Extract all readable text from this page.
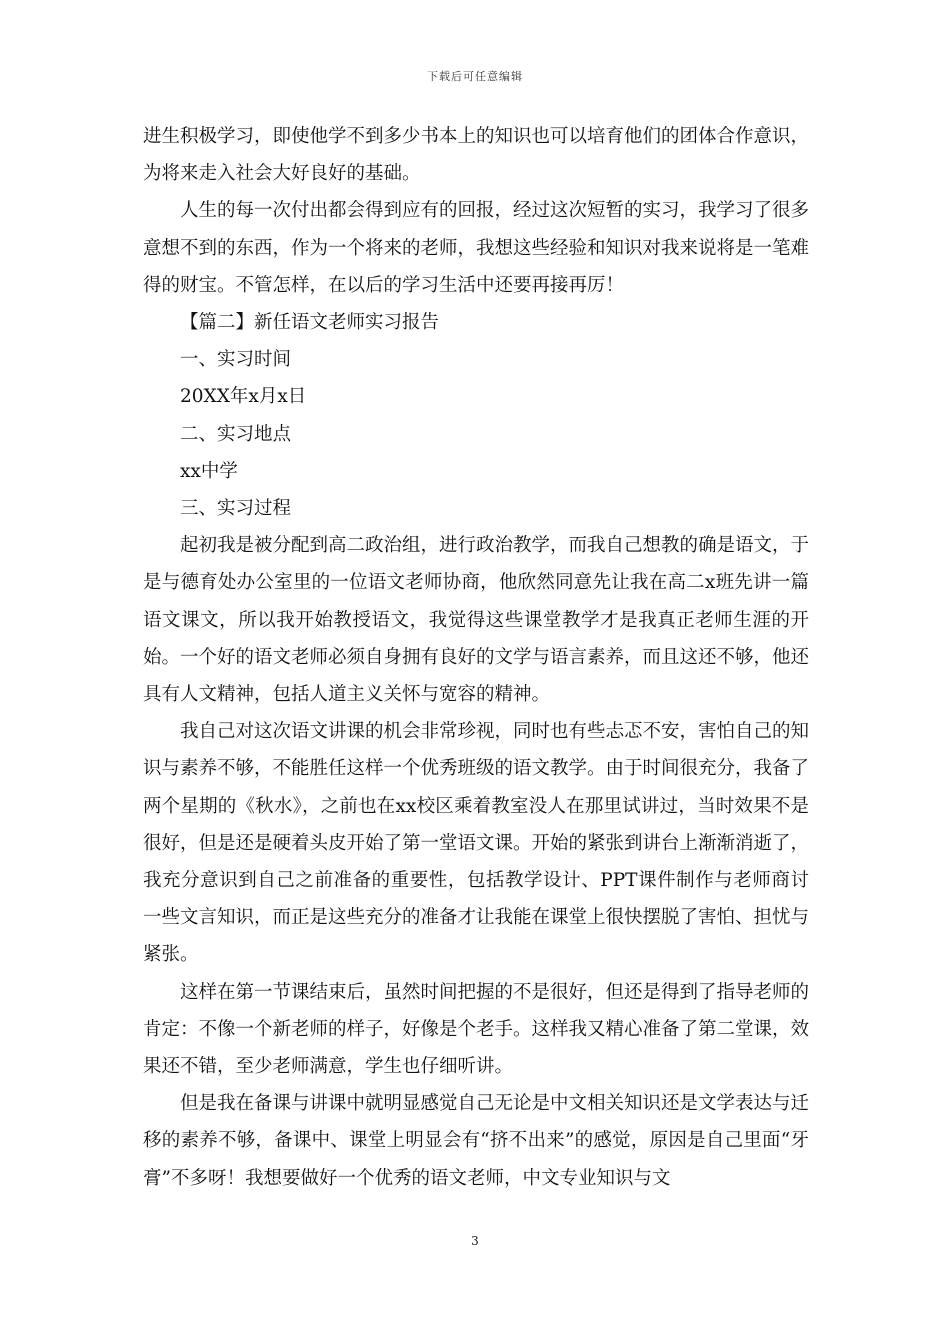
下载后可任意编辑

进生积极学习，即使他学不到多少书本上的知识也可以培育他们的团体合作意识，为将来走入社会大好良好的基础。

人生的每一次付出都会得到应有的回报，经过这次短暂的实习，我学习了很多意想不到的东西，作为一个将来的老师，我想这些经验和知识对我来说将是一笔难得的财宝。不管怎样，在以后的学习生活中还要再接再厉！

【篇二】新任语文老师实习报告

一、实习时间

20XX年x月x日

二、实习地点

xx中学

三、实习过程

起初我是被分配到高二政治组，进行政治教学，而我自己想教的确是语文，于是与德育处办公室里的一位语文老师协商，他欣然同意先让我在高二x班先讲一篇语文课文，所以我开始教授语文，我觉得这些课堂教学才是我真正老师生涯的开始。一个好的语文老师必须自身拥有良好的文学与语言素养，而且这还不够，他还具有人文精神，包括人道主义关怀与宽容的精神。

我自己对这次语文讲课的机会非常珍视，同时也有些忐忑不安，害怕自己的知识与素养不够，不能胜任这样一个优秀班级的语文教学。由于时间很充分，我备了两个星期的《秋水》，之前也在xx校区乘着教室没人在那里试讲过，当时效果不是很好，但是还是硬着头皮开始了第一堂语文课。开始的紧张到讲台上渐渐消逝了，我充分意识到自己之前准备的重要性，包括教学设计、PPT课件制作与老师商讨一些文言知识，而正是这些充分的准备才让我能在课堂上很快摆脱了害怕、担忧与紧张。

这样在第一节课结束后，虽然时间把握的不是很好，但还是得到了指导老师的肯定：不像一个新老师的样子，好像是个老手。这样我又精心准备了第二堂课，效果还不错，至少老师满意，学生也仔细听讲。

但是我在备课与讲课中就明显感觉自己无论是中文相关知识还是文学表达与迁移的素养不够，备课中、课堂上明显会有“挤不出来”的感觉，原因是自己里面“牙膏”不多呀！我想要做好一个优秀的语文老师，中文专业知识与文

3
